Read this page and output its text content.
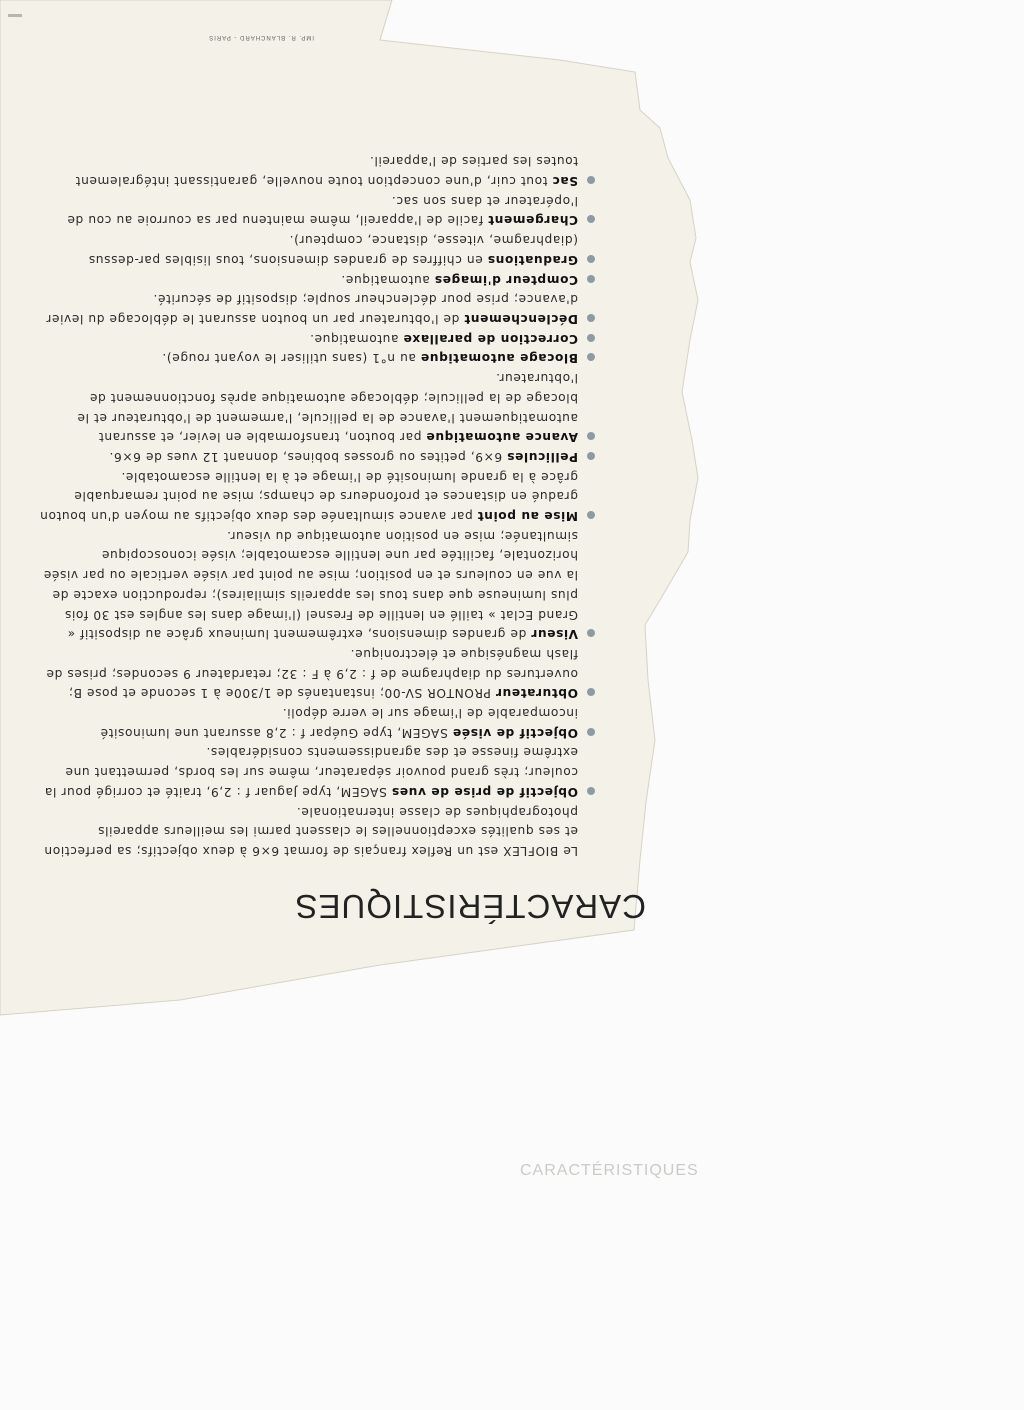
CARACTÉRISTIQUES
IMP. R. BLANCHARD - PARIS
CARACTÉRISTIQUES
Le BIOFLEX est un Reflex français de format 6×6 à deux objectifs; sa perfection et ses qualités exceptionnelles le classent parmi les meilleurs appareils photographiques de classe internationale.
Objectif de prise de vues SAGEM, type Jaguar f : 2,9, traité et corrigé pour la couleur; très grand pouvoir séparateur, même sur les bords, permettant une extrême finesse et des agrandissements considérables.
Objectif de visée SAGEM, type Guépar f : 2,8 assurant une luminosité incomparable de l'image sur le verre dépoli.
Obturateur PRONTOR SV-00; instantanés de 1/300e à 1 seconde et pose B; ouvertures du diaphragme de f : 2,9 à F : 32; retardateur 9 secondes; prises de flash magnésique et électronique.
Viseur de grandes dimensions, extrêmement lumineux grâce au dispositif « Grand Eclat » taillé en lentille de Fresnel (l'image dans les angles est 30 fois plus lumineuse que dans tous les appareils similaires); reproduction exacte de la vue en couleurs et en position; mise au point par visée verticale ou par visée horizontale, facilitée par une lentille escamotable; visée iconoscopique simultanée; mise en position automatique du viseur.
Mise au point par avance simultanée des deux objectifs au moyen d'un bouton gradué en distances et profondeurs de champs; mise au point remarquable grâce à la grande luminosité de l'image et à la lentille escamotable.
Pellicules 6×9, petites ou grosses bobines, donnant 12 vues de 6×6.
Avance automatique par bouton, transformable en levier, et assurant automatiquement l'avance de la pellicule, l'armement de l'obturateur et le blocage de la pellicule; déblocage automatique après fonctionnement de l'obturateur.
Blocage automatique au n°1 (sans utiliser le voyant rouge).
Correction de parallaxe automatique.
Déclenchement de l'obturateur par un bouton assurant le déblocage du levier d'avance; prise pour déclencheur souple; dispositif de sécurité.
Compteur d'images automatique.
Graduations en chiffres de grandes dimensions, tous lisibles par-dessus (diaphragme, vitesse, distance, compteur).
Chargement facile de l'appareil, même maintenu par sa courroie au cou de l'opérateur et dans son sac.
Sac tout cuir, d'une conception toute nouvelle, garantissant intégralement toutes les parties de l'appareil.
